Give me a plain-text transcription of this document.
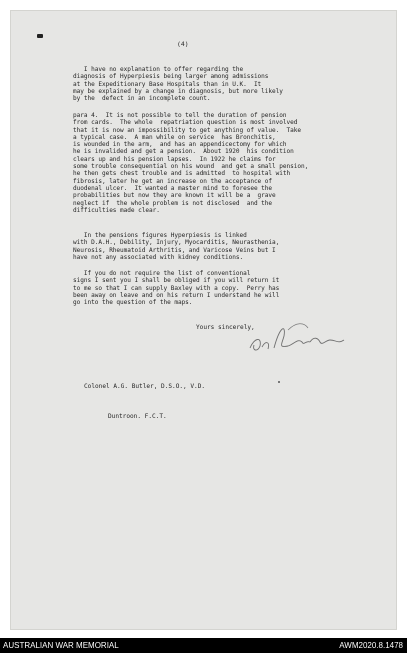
(4)
I have no explanation to offer regarding the
diagnosis of Hyperpiesis being larger among admissions
at the Expeditionary Base Hospitals than in U.K.  It
may be explained by a change in diagnosis, but more likely
by the  defect in an incomplete count.
para 4.  It is not possible to tell the duration of pension
from cards.  The whole  repatriation question is most involved
that it is now an impossibility to get anything of value.  Take
a typical case.  A man while on service  has Bronchitis,
is wounded in the arm,  and has an appendicectomy for which
he is invalided and get a pension.  About 1920  his condition
clears up and his pension lapses.  In 1922 he claims for
some trouble consequential on his wound  and get a small pension,
he then gets chest trouble and is admitted  to hospital with
fibrosis, later he get an increase on the acceptance of
duodenal ulcer.  It wanted a master mind to foresee the
probabilities but now they are known it will be a  grave
neglect if  the whole problem is not disclosed  and the
difficulties made clear.
In the pensions figures Hyperpiesis is linked
with D.A.H., Debility, Injury, Myocarditis, Neurasthenia,
Neurosis, Rheumatoid Arthritis, and Varicose Veins but I
have not any associated with kidney conditions.
If you do not require the list of conventional
signs I sent you I shall be obliged if you will return it
to me so that I can supply Baxley with a copy.  Perry has
been away on leave and on his return I understand he will
go into the question of the maps.
Yours sincerely,

Colonel A.G. Butler, D.S.O., V.D.

Duntroon. F.C.T.

AUSTRALIAN WAR MEMORIAL	AWM2020.8.1478
